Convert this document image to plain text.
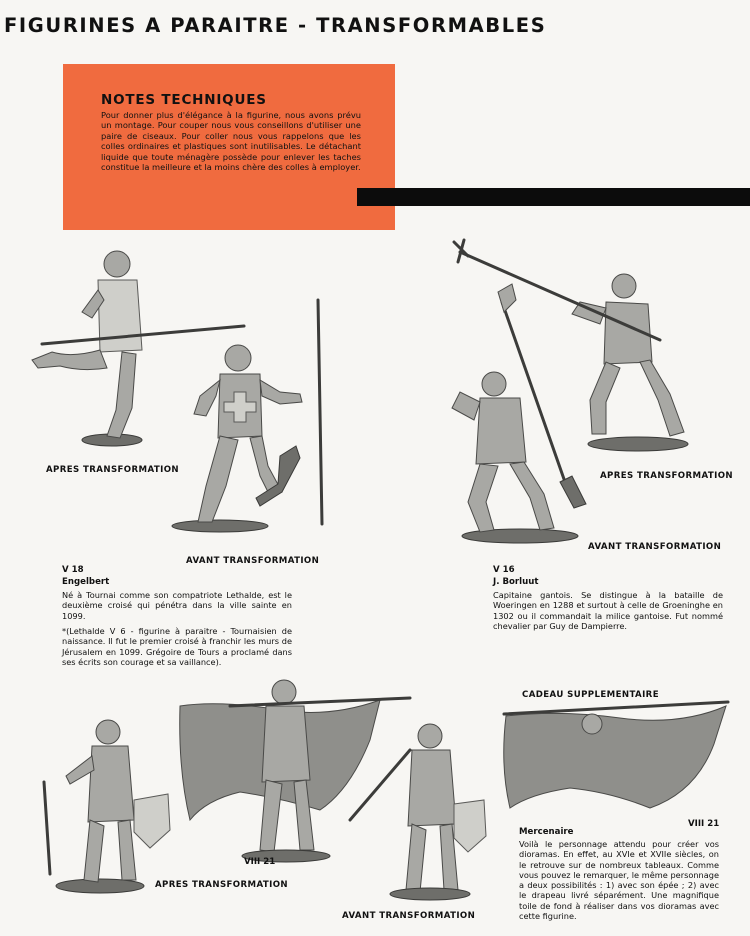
FIGURINES A PARAITRE - TRANSFORMABLES
NOTES TECHNIQUES
Pour donner plus d'élégance à la figurine, nous avons prévu un montage. Pour couper nous vous conseillons d'utiliser une paire de ciseaux. Pour coller nous vous rappelons que les colles ordinaires et plastiques sont inutilisables. Le détachant liquide que toute ménagère possède pour enlever les taches constitue la meilleure et la moins chère des colles à employer.
APRES TRANSFORMATION
AVANT TRANSFORMATION
V 18
Engelbert
Né à Tournai comme son compatriote Lethalde, est le deuxième croisé qui pénétra dans la ville sainte en 1099.
*(Lethalde V 6 - figurine à paraitre - Tournaisien de naissance. Il fut le premier croisé à franchir les murs de Jérusalem en 1099. Grégoire de Tours a proclamé dans ses écrits son courage et sa vaillance).
APRES TRANSFORMATION
AVANT TRANSFORMATION
V 16
J. Borluut
Capitaine gantois. Se distingue à la bataille de Woeringen en 1288 et surtout à celle de Groeninghe en 1302 ou il commandait la milice gantoise. Fut nommé chevalier par Guy de Dampierre.
CADEAU SUPPLEMENTAIRE
VIII 21
VIII 21
APRES TRANSFORMATION
AVANT TRANSFORMATION
Mercenaire
Voilà le personnage attendu pour créer vos dioramas. En effet, au XVIe et XVIIe siècles, on le retrouve sur de nombreux tableaux. Comme vous pouvez le remarquer, le même personnage a deux possibilités : 1) avec son épée ; 2) avec le drapeau livré séparément. Une magnifique toile de fond à réaliser dans vos dioramas avec cette figurine.
